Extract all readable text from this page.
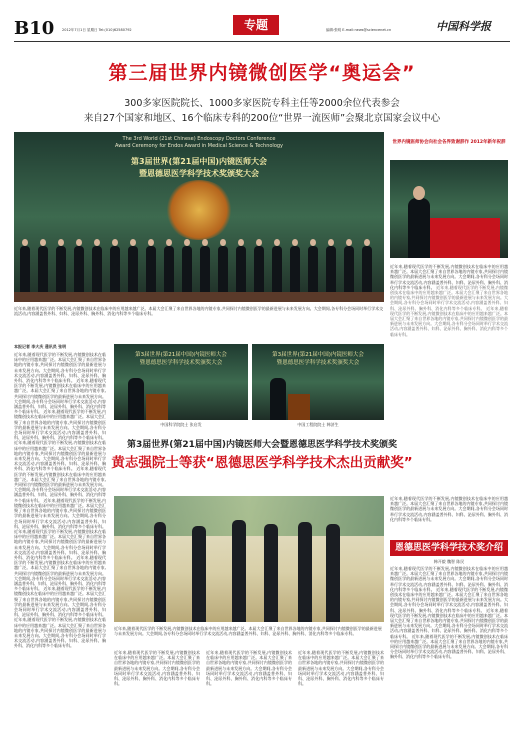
B10 2012年7月1日 星期日 Tel:(010)62580792	专题	编辑:张明 E-mail:news@sciencenet.cn	中国科学报
第三届世界内镜微创医学“奥运会”
300多家医院院长、1000多家医院专科主任等2000余位代表参会
来自27个国家和地区、16个临床专科的200位“世界一流医师”会聚北京国家会议中心
The 3rd World (21st Chinese) Endoscopy Doctors Conference
Award Ceremony for Endos Award in Medical Science & Technology
第3届世界(第21届中国)内镜医师大会
暨恩德思医学科学技术奖颁奖大会
世界内镜医师协会向社会各界致谢辞作 2012年新年祝辞
近年来,随着现代医学的不断发展,内镜微创技术在临床中的应用越来越广泛。本届大会汇聚了来自世界各地的内镜专家,共同探讨内镜微创医学的最新进展与未来发展方向。大会期间,各专科分会场同时举行学术交流活动,内容涵盖普外科、妇科、泌尿外科、胸外科、消化内科等多个临床专科。
近年来,随着现代医学的不断发展,内镜微创技术在临床中的应用越来越广泛。本届大会汇聚了来自世界各地的内镜专家,共同探讨内镜微创医学的最新进展与未来发展方向。大会期间,各专科分会场同时举行学术交流活动,内容涵盖普外科、妇科、泌尿外科、胸外科、消化内科等多个临床专科。 近年来,随着现代医学的不断发展,内镜微创技术在临床中的应用越来越广泛。本届大会汇聚了来自世界各地的内镜专家,共同探讨内镜微创医学的最新进展与未来发展方向。大会期间,各专科分会场同时举行学术交流活动,内容涵盖普外科、妇科、泌尿外科、胸外科、消化内科等多个临床专科。 近年来,随着现代医学的不断发展,内镜微创技术在临床中的应用越来越广泛。本届大会汇聚了来自世界各地的内镜专家,共同探讨内镜微创医学的最新进展与未来发展方向。大会期间,各专科分会场同时举行学术交流活动,内容涵盖普外科、妇科、泌尿外科、胸外科、消化内科等多个临床专科。
本报记者 李大庆 通讯员 张明
近年来,随着现代医学的不断发展,内镜微创技术在临床中的应用越来越广泛。本届大会汇聚了来自世界各地的内镜专家,共同探讨内镜微创医学的最新进展与未来发展方向。大会期间,各专科分会场同时举行学术交流活动,内容涵盖普外科、妇科、泌尿外科、胸外科、消化内科等多个临床专科。 近年来,随着现代医学的不断发展,内镜微创技术在临床中的应用越来越广泛。本届大会汇聚了来自世界各地的内镜专家,共同探讨内镜微创医学的最新进展与未来发展方向。大会期间,各专科分会场同时举行学术交流活动,内容涵盖普外科、妇科、泌尿外科、胸外科、消化内科等多个临床专科。 近年来,随着现代医学的不断发展,内镜微创技术在临床中的应用越来越广泛。本届大会汇聚了来自世界各地的内镜专家,共同探讨内镜微创医学的最新进展与未来发展方向。大会期间,各专科分会场同时举行学术交流活动,内容涵盖普外科、妇科、泌尿外科、胸外科、消化内科等多个临床专科。 近年来,随着现代医学的不断发展,内镜微创技术在临床中的应用越来越广泛。本届大会汇聚了来自世界各地的内镜专家,共同探讨内镜微创医学的最新进展与未来发展方向。大会期间,各专科分会场同时举行学术交流活动,内容涵盖普外科、妇科、泌尿外科、胸外科、消化内科等多个临床专科。 近年来,随着现代医学的不断发展,内镜微创技术在临床中的应用越来越广泛。本届大会汇聚了来自世界各地的内镜专家,共同探讨内镜微创医学的最新进展与未来发展方向。大会期间,各专科分会场同时举行学术交流活动,内容涵盖普外科、妇科、泌尿外科、胸外科、消化内科等多个临床专科。 近年来,随着现代医学的不断发展,内镜微创技术在临床中的应用越来越广泛。本届大会汇聚了来自世界各地的内镜专家,共同探讨内镜微创医学的最新进展与未来发展方向。大会期间,各专科分会场同时举行学术交流活动,内容涵盖普外科、妇科、泌尿外科、胸外科、消化内科等多个临床专科。 近年来,随着现代医学的不断发展,内镜微创技术在临床中的应用越来越广泛。本届大会汇聚了来自世界各地的内镜专家,共同探讨内镜微创医学的最新进展与未来发展方向。大会期间,各专科分会场同时举行学术交流活动,内容涵盖普外科、妇科、泌尿外科、胸外科、消化内科等多个临床专科。 近年来,随着现代医学的不断发展,内镜微创技术在临床中的应用越来越广泛。本届大会汇聚了来自世界各地的内镜专家,共同探讨内镜微创医学的最新进展与未来发展方向。大会期间,各专科分会场同时举行学术交流活动,内容涵盖普外科、妇科、泌尿外科、胸外科、消化内科等多个临床专科。 近年来,随着现代医学的不断发展,内镜微创技术在临床中的应用越来越广泛。本届大会汇聚了来自世界各地的内镜专家,共同探讨内镜微创医学的最新进展与未来发展方向。大会期间,各专科分会场同时举行学术交流活动,内容涵盖普外科、妇科、泌尿外科、胸外科、消化内科等多个临床专科。 近年来,随着现代医学的不断发展,内镜微创技术在临床中的应用越来越广泛。本届大会汇聚了来自世界各地的内镜专家,共同探讨内镜微创医学的最新进展与未来发展方向。大会期间,各专科分会场同时举行学术交流活动,内容涵盖普外科、妇科、泌尿外科、胸外科、消化内科等多个临床专科。
第3届世界(第21届中国)内镜医师大会
暨恩德思医学科学技术奖颁奖大会
第3届世界(第21届中国)内镜医师大会
暨恩德思医学科学技术奖颁奖大会
中国科学院院士 张启发	中国工程院院士 韩济生
第3届世界(第21届中国)内镜医师大会暨恩德思医学科学技术奖颁奖
黄志强院士等获“恩德思医学科学技术杰出贡献奖”
近年来,随着现代医学的不断发展,内镜微创技术在临床中的应用越来越广泛。本届大会汇聚了来自世界各地的内镜专家,共同探讨内镜微创医学的最新进展与未来发展方向。大会期间,各专科分会场同时举行学术交流活动,内容涵盖普外科、妇科、泌尿外科、胸外科、消化内科等多个临床专科。
近年来,随着现代医学的不断发展,内镜微创技术在临床中的应用越来越广泛。本届大会汇聚了来自世界各地的内镜专家,共同探讨内镜微创医学的最新进展与未来发展方向。大会期间,各专科分会场同时举行学术交流活动,内容涵盖普外科、妇科、泌尿外科、胸外科、消化内科等多个临床专科。
近年来,随着现代医学的不断发展,内镜微创技术在临床中的应用越来越广泛。本届大会汇聚了来自世界各地的内镜专家,共同探讨内镜微创医学的最新进展与未来发展方向。大会期间,各专科分会场同时举行学术交流活动,内容涵盖普外科、妇科、泌尿外科、胸外科、消化内科等多个临床专科。
近年来,随着现代医学的不断发展,内镜微创技术在临床中的应用越来越广泛。本届大会汇聚了来自世界各地的内镜专家,共同探讨内镜微创医学的最新进展与未来发展方向。大会期间,各专科分会场同时举行学术交流活动,内容涵盖普外科、妇科、泌尿外科、胸外科、消化内科等多个临床专科。
近年来,随着现代医学的不断发展,内镜微创技术在临床中的应用越来越广泛。本届大会汇聚了来自世界各地的内镜专家,共同探讨内镜微创医学的最新进展与未来发展方向。大会期间,各专科分会场同时举行学术交流活动,内容涵盖普外科、妇科、泌尿外科、胸外科、消化内科等多个临床专科。
恩德思医学科学技术奖介绍
韩开毅 魏智 陈民
近年来,随着现代医学的不断发展,内镜微创技术在临床中的应用越来越广泛。本届大会汇聚了来自世界各地的内镜专家,共同探讨内镜微创医学的最新进展与未来发展方向。大会期间,各专科分会场同时举行学术交流活动,内容涵盖普外科、妇科、泌尿外科、胸外科、消化内科等多个临床专科。 近年来,随着现代医学的不断发展,内镜微创技术在临床中的应用越来越广泛。本届大会汇聚了来自世界各地的内镜专家,共同探讨内镜微创医学的最新进展与未来发展方向。大会期间,各专科分会场同时举行学术交流活动,内容涵盖普外科、妇科、泌尿外科、胸外科、消化内科等多个临床专科。 近年来,随着现代医学的不断发展,内镜微创技术在临床中的应用越来越广泛。本届大会汇聚了来自世界各地的内镜专家,共同探讨内镜微创医学的最新进展与未来发展方向。大会期间,各专科分会场同时举行学术交流活动,内容涵盖普外科、妇科、泌尿外科、胸外科、消化内科等多个临床专科。 近年来,随着现代医学的不断发展,内镜微创技术在临床中的应用越来越广泛。本届大会汇聚了来自世界各地的内镜专家,共同探讨内镜微创医学的最新进展与未来发展方向。大会期间,各专科分会场同时举行学术交流活动,内容涵盖普外科、妇科、泌尿外科、胸外科、消化内科等多个临床专科。
